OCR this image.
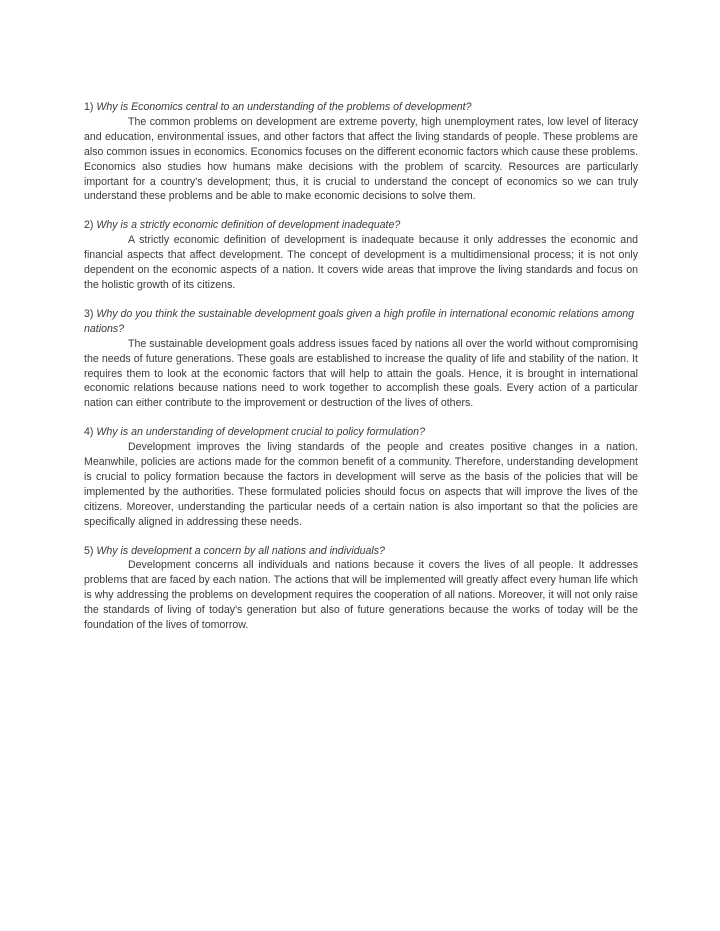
1) Why is Economics central to an understanding of the problems of development?

The common problems on development are extreme poverty, high unemployment rates, low level of literacy and education, environmental issues, and other factors that affect the living standards of people. These problems are also common issues in economics. Economics focuses on the different economic factors which cause these problems. Economics also studies how humans make decisions with the problem of scarcity. Resources are particularly important for a country's development; thus, it is crucial to understand the concept of economics so we can truly understand these problems and be able to make economic decisions to solve them.

2) Why is a strictly economic definition of development inadequate?

A strictly economic definition of development is inadequate because it only addresses the economic and financial aspects that affect development. The concept of development is a multidimensional process; it is not only dependent on the economic aspects of a nation. It covers wide areas that improve the living standards and focus on the holistic growth of its citizens.

3) Why do you think the sustainable development goals given a high profile in international economic relations among nations?

The sustainable development goals address issues faced by nations all over the world without compromising the needs of future generations. These goals are established to increase the quality of life and stability of the nation. It requires them to look at the economic factors that will help to attain the goals. Hence, it is brought in international economic relations because nations need to work together to accomplish these goals. Every action of a particular nation can either contribute to the improvement or destruction of the lives of others.

4) Why is an understanding of development crucial to policy formulation?

Development improves the living standards of the people and creates positive changes in a nation. Meanwhile, policies are actions made for the common benefit of a community. Therefore, understanding development is crucial to policy formation because the factors in development will serve as the basis of the policies that will be implemented by the authorities. These formulated policies should focus on aspects that will improve the lives of the citizens. Moreover, understanding the particular needs of a certain nation is also important so that the policies are specifically aligned in addressing these needs.

5) Why is development a concern by all nations and individuals?

Development concerns all individuals and nations because it covers the lives of all people. It addresses problems that are faced by each nation. The actions that will be implemented will greatly affect every human life which is why addressing the problems on development requires the cooperation of all nations. Moreover, it will not only raise the standards of living of today's generation but also of future generations because the works of today will be the foundation of the lives of tomorrow.
